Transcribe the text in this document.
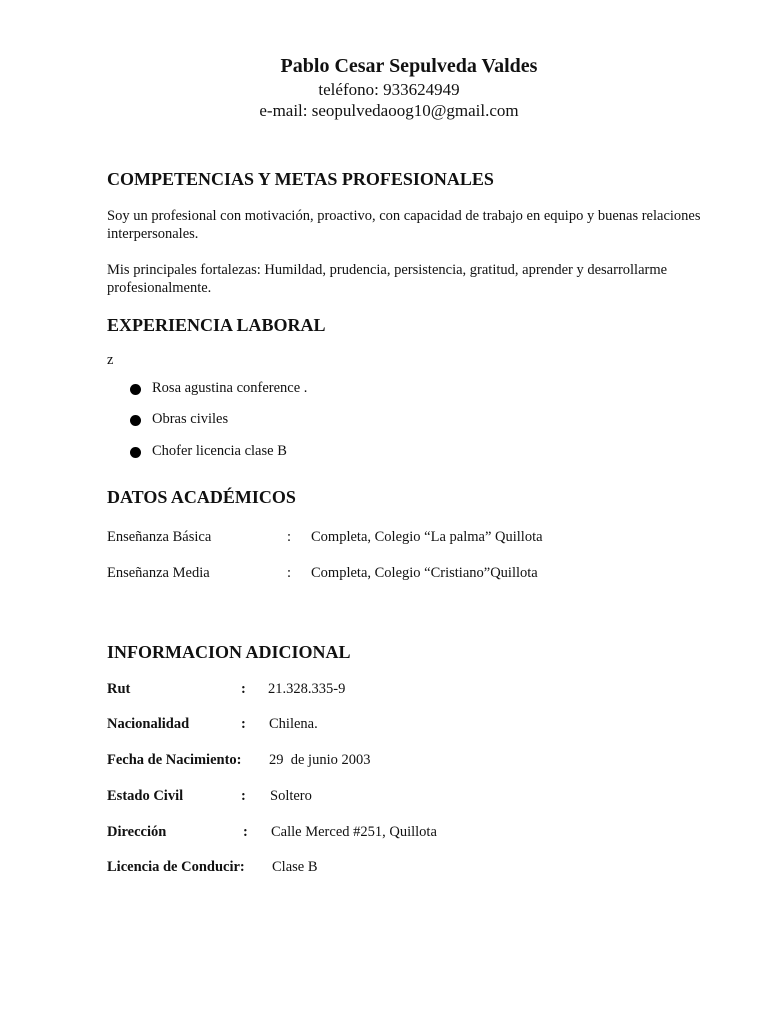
Pablo Cesar Sepulveda Valdes
teléfono: 933624949
e-mail: seopulvedaoog10@gmail.com
COMPETENCIAS Y METAS PROFESIONALES
Soy un profesional con motivación, proactivo, con capacidad de trabajo en equipo y buenas relaciones interpersonales.
Mis principales fortalezas: Humildad, prudencia, persistencia, gratitud, aprender y desarrollarme profesionalmente.
EXPERIENCIA LABORAL
z
Rosa agustina conference .
Obras civiles
Chofer licencia clase B
DATOS ACADÉMICOS
Enseñanza Básica	: Completa, Colegio “La palma” Quillota
Enseñanza Media	: Completa, Colegio “Cristiano”Quillota
INFORMACION ADICIONAL
Rut	: 21.328.335-9
Nacionalidad	: Chilena.
Fecha de Nacimiento: 29  de junio 2003
Estado Civil	: Soltero
Dirección	: Calle Merced #251, Quillota
Licencia de Conducir: Clase B
